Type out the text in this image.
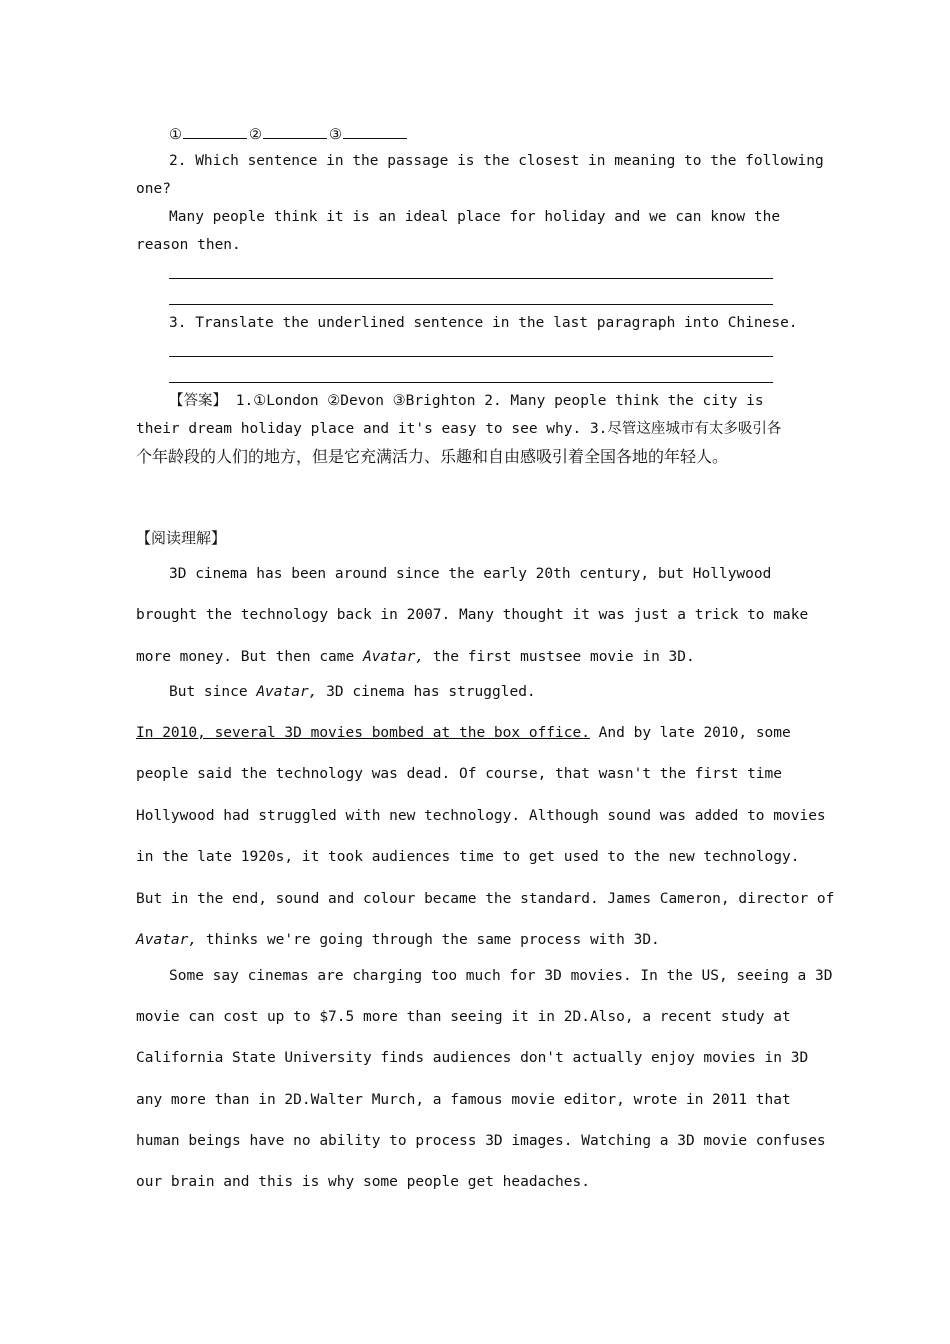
①	②	③
2. Which sentence in the passage is the closest in meaning to the following
one?
Many people think it is an ideal place for holiday and we can know the
reason then.
3. Translate the underlined sentence in the last paragraph into Chinese.
【答案】 1.①London ②Devon ③Brighton 2. Many people think the city is
their dream holiday place and it's easy to see why. 3.尽管这座城市有太多吸引各
个年龄段的人们的地方，但是它充满活力、乐趣和自由感吸引着全国各地的年轻人。
【阅读理解】
3D cinema has been around since the early 20th century, but Hollywood
brought the technology back in 2007. Many thought it was just a trick to make
more money. But then came Avatar, the first mustsee movie in 3D.
But since Avatar, 3D cinema has struggled.
In 2010, several 3D movies bombed at the box office. And by late 2010, some
people said the technology was dead. Of course, that wasn't the first time
Hollywood had struggled with new technology. Although sound was added to movies
in the late 1920s, it took audiences time to get used to the new technology.
But in the end, sound and colour became the standard. James Cameron, director of
Avatar, thinks we're going through the same process with 3D.
Some say cinemas are charging too much for 3D movies. In the US, seeing a 3D
movie can cost up to $7.5 more than seeing it in 2D.Also, a recent study at
California State University finds audiences don't actually enjoy movies in 3D
any more than in 2D.Walter Murch, a famous movie editor, wrote in 2011 that
human beings have no ability to process 3D images. Watching a 3D movie confuses
our brain and this is why some people get headaches.
